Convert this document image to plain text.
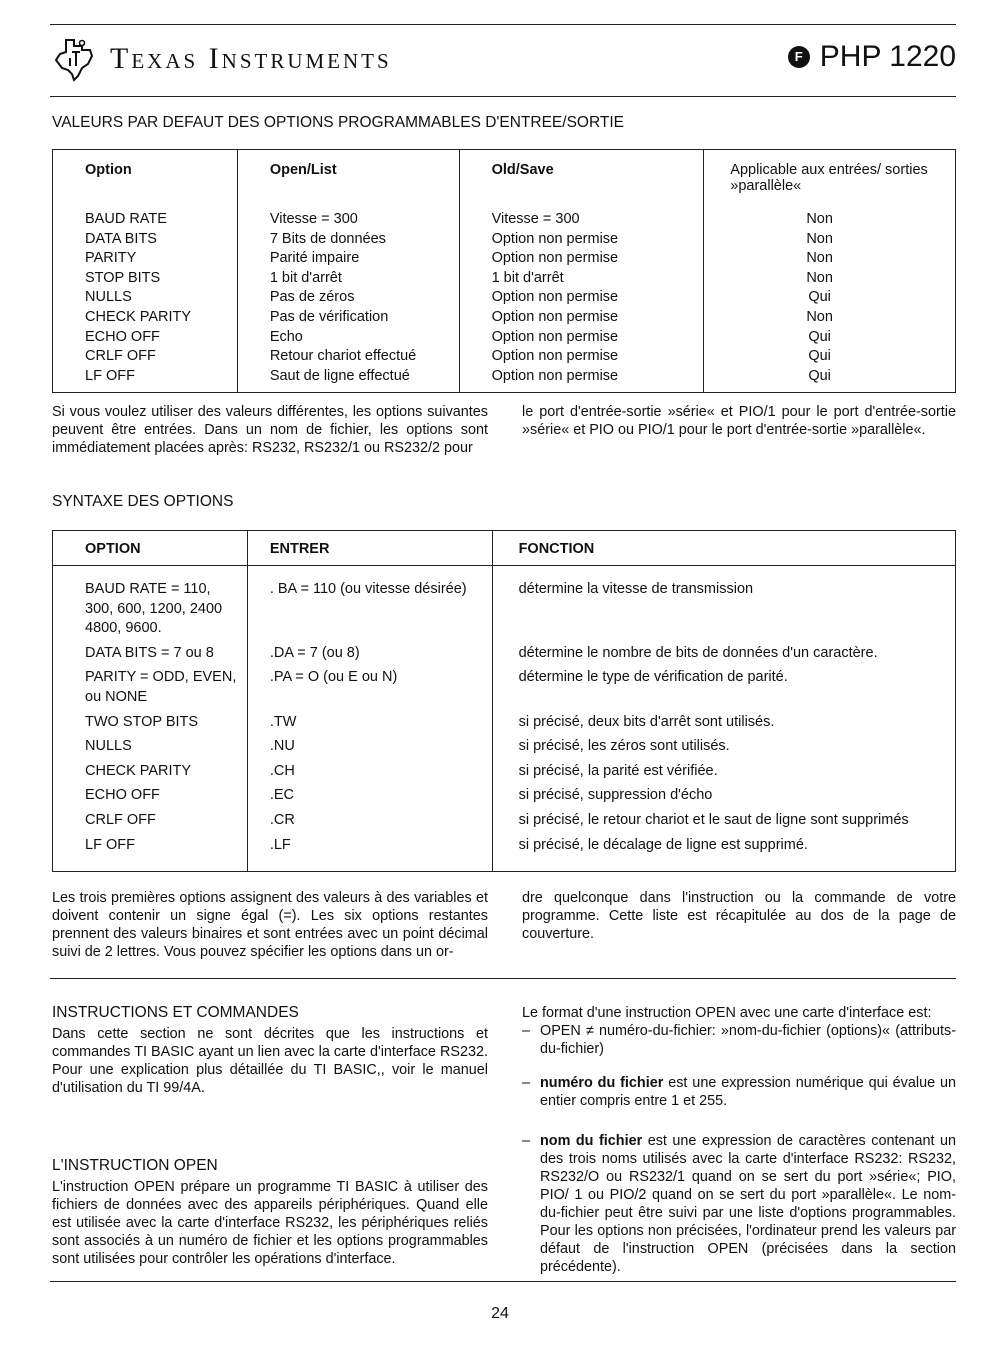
Texas Instruments	F PHP 1220
VALEURS PAR DEFAUT DES OPTIONS PROGRAMMABLES D'ENTREE/SORTIE
Option	Open/List	Old/Save	Applicable aux entrées/ sorties »parallèle«
BAUD RATE	Vitesse = 300	Vitesse = 300	Non
DATA BITS	7 Bits de données	Option non permise	Non
PARITY	Parité impaire	Option non permise	Non
STOP BITS	1 bit d'arrêt	1 bit d'arrêt	Non
NULLS	Pas de zéros	Option non permise	Qui
CHECK PARITY	Pas de vérification	Option non permise	Non
ECHO OFF	Echo	Option non permise	Qui
CRLF OFF	Retour chariot effectué	Option non permise	Qui
LF OFF	Saut de ligne effectué	Option non permise	Qui
Si vous voulez utiliser des valeurs différentes, les options suivantes peuvent être entrées. Dans un nom de fichier, les options sont immédiatement placées après: RS232, RS232/1 ou RS232/2 pour
le port d'entrée-sortie »série« et PIO/1 pour le port d'entrée-sortie »série« et PIO ou PIO/1 pour le port d'entrée-sortie »parallèle«.
SYNTAXE DES OPTIONS
OPTION	ENTRER	FONCTION
BAUD RATE = 110, 300, 600, 1200, 2400 4800, 9600.	. BA = 110 (ou vitesse désirée)	détermine la vitesse de transmission
DATA BITS = 7 ou 8	.DA = 7 (ou 8)	détermine le nombre de bits de données d'un caractère.
PARITY = ODD, EVEN, ou NONE	.PA = O (ou E ou N)	détermine le type de vérification de parité.
TWO STOP BITS	.TW	si précisé, deux bits d'arrêt sont utilisés.
NULLS	.NU	si précisé, les zéros sont utilisés.
CHECK PARITY	.CH	si précisé, la parité est vérifiée.
ECHO OFF	.EC	si précisé, suppression d'écho
CRLF OFF	.CR	si précisé, le retour chariot et le saut de ligne sont supprimés
LF OFF	.LF	si précisé, le décalage de ligne est supprimé.
Les trois premières options assignent des valeurs à des variables et doivent contenir un signe égal (=). Les six options restantes prennent des valeurs binaires et sont entrées avec un point décimal suivi de 2 lettres. Vous pouvez spécifier les options dans un or-
dre quelconque dans l'instruction ou la commande de votre programme. Cette liste est récapitulée au dos de la page de couverture.
INSTRUCTIONS ET COMMANDES
Dans cette section ne sont décrites que les instructions et commandes TI BASIC ayant un lien avec la carte d'interface RS232. Pour une explication plus détaillée du TI BASIC,, voir le manuel d'utilisation du TI 99/4A.
L'INSTRUCTION OPEN
L'instruction OPEN prépare un programme TI BASIC à utiliser des fichiers de données avec des appareils périphériques. Quand elle est utilisée avec la carte d'interface RS232, les périphériques reliés sont associés à un numéro de fichier et les options programmables sont utilisées pour contrôler les opérations d'interface.

Le format d'une instruction OPEN avec une carte d'interface est:

– OPEN ≠ numéro-du-fichier: »nom-du-fichier (options)« (attributs-du-fichier)
– numéro du fichier est une expression numérique qui évalue un entier compris entre 1 et 255.
– nom du fichier est une expression de caractères contenant un des trois noms utilisés avec la carte d'interface RS232: RS232, RS232/O ou RS232/1 quand on se sert du port »série«; PIO, PIO/ 1 ou PIO/2 quand on se sert du port »parallèle«. Le nom-du-fichier peut être suivi par une liste d'options programmables. Pour les options non précisées, l'ordinateur prend les valeurs par défaut de l'instruction OPEN (précisées dans la section précédente).
24
